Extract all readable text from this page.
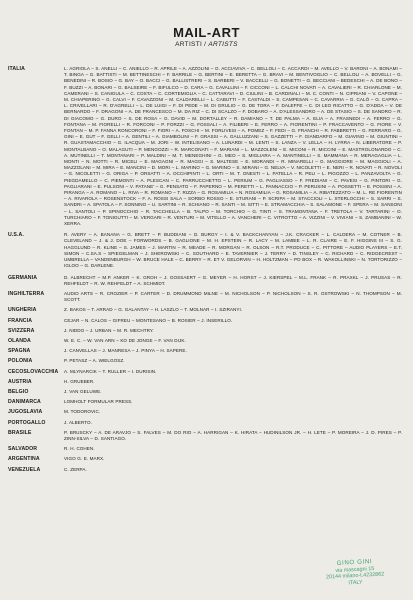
MAIL-ART
ARTISTI / ARTISTS
ITALIA	L. AGRIOLA – S. ANELLI – C. ANIELLO – R. APRILE – A. AZZOLINI – G. ACCIAVIVA – C. BELLOLI – C. ACCARDI – M. AVELLO – V. BARONI – A. BONAMI – T. BINGA – G. BATTISTI – M. BETTINESCHI – F. BARRILE – G. BERTINI – E. BERETTA – G. BRAVI – M. BENTIVOGLIO – C. BELLOLI – A. BOVELLI – G. BENEDINI – R. BOSIO – G. BAY – O. BACCI – G. BALLISTRERI – S. BARBERI – V. BACCELLI – G. BONETTI – G. BECCIANI – BEDESCHI – A. DE BONO – F. BUZZI – A. BONARI – G. BALSEIRE – F. BIFULCO – D. CARA – G. CAVALLINI – F. CICCONI – L. CALCHI NOVATI – A. CAVALIERI – R. CHIARLONE – M. CAMERANI – S. CANIGULA – C. COSTA – C. CORTEMIGLIA – C. CATTARAVI – D. CIULINI – B. CARDINALI – M. C. CONTI – N. CIPRIANI – V. CAPONE – M. CHIAPERINO – G. CALVI – F. CAVAZZONI – M. CALDARELLI – L. CABUTTI – F. CASTALDI – S. CAMPESAN – C. CAVARRIA – G. CALÒ – G. CAPRA – L. CRIVELLARI – R. D'AGRELLI – L. DE LUIGI – F. DI PEDE – M. DI GRULIO – G. DE TORA – F. DALEFFE – C. DI LEO RICATTO – G. D'ADDA – V. DE BERNARDO – F. DRAGONI – A. DE FRANCESCO – M. DA RIZ – C. DI SCALZO – F. DOBARO – A. D'ALESSANDRO – A. DE STASIO – S. DE SANDRO – R. DI GIACOMO – G. DURO – S. DE ROSA – G. DAVID – M. DORTALLEY – R. DAMIANO – T. DE PALMA – A. ELIA – A. FRASNEDI – A. FERRO – G. FONTANA – M. FIORELLI – R. FORCONI – P. FORZZI – G. FOSSALI – A. FILIBERI – E. FERRO – A. FIORENTINI – P. FRACCAVENTO – G. FIORE – V. FONTAN – M. P. FANNA RONCORONI – F. FIORI – A. FOSCHI – M. FORLIVESI – A. POMEZ – F. FEDI – G. FRANCHI – R. FABBRETTI – G. FERRARO – G. GINI – E. GUT – F. GELLI – A. GENTILI – A. GIAMBOLINI – F. GRASSI – A. GALLUZZANI – S. GAZZETTI – F. GIANDARFO – M. GIAVINO – M. GIUNTINI – R. GUASTAMACCHIO – G. ILACQUA – M. JORI – W. INTELISANO – A. LUNARDI – M. LENTI – S. LANZA – V. LELLA – H. LYRRA – N. LIBERATORE – P. MONTALBANO – O. MALAGUTI – P. MENGOZZI – R. MARCONATI – F. MARIANI – L. MAZZOLENI – E. MICONI – R. MICCINI – E. MASTROLONARDO – C. A. MUTINELLI – T. MONTANARI – P. MALDINI – M. T. MENEGHINI – G. MEO – S. MIGLIARA – A. MANTINELLI – S. MAMMANA – R. MERAGAGLIA – L. MONTI – N. MOTTI – R. MICELI – E. MAGAGNI – R. MAGGI – S. MALTESE – E. MORANDI – R. MINARELLI – G. MAGGIORE – M. MAGGIOLI – A. MAZZOLANI – M. MIRA – E. MANCINI – D. MORI – L. MARINO – G. MARINO – S. MIRANI – G. NELVA – V. NICOLETTI – E. NERI – R. NOVATI – R. NOVOLI – G. NICOLETTI – G. ORIGA – P. ORSATTI – A. OCCHIPINTI – L. ORTI – M. T. ONESTI – L. PATELLA – R. PELI – L. PIGOZZO – L. PANZAVOLTA – G. PIEGDAMELLO – C. PIEMONTI – A. PLESCAN – C. PARRUCCHETTO – L. PERIUM – G. PAGLIASSO – F. FREDIANI – C. PAVESI – G. PINTORI – G. PAGLIARANI – E. PULSONI – V. PATANE' – G. PENSATO – F. PAPERNO – M. PERETTI – L. PANNACCIO – P. PERUSINI – A. POSSETTI – E. POSSINI – A. PIRANGA – A. ROMANO – L. RIVA – R. ROMANO – T. RIZZA – G. ROSAMILIA – N. ROSAMILIA – G. ROSAMILIA – A. RIBATEZZATO – M. L. RE FIORENTIN – A. RIVAROLA – ROSENSTOCK – F. A. ROSSI SALA – SORBO ROSSO – E. STURANI – P. SCRIPA – M. STACCIOLI – L. STERLOCCHI – S. SARRI – S. SANDRI – A. SPATOLA – F. SONNINO – U. SARTINI – R. SCHIANO – R. SANTI – M. SITTI – E. STRAMACCHIA – S. SALAMONE – F. SPERA – M. SANSONI – L. SANTOLI – P. SPINOCCHIO – R. TACCHELLA – B. TALPO – M. TORCHIO – G. TINTI – S. TRAMONTANA – F. TRETOLA – V. TARTARINI – O. TURCHIARO – F. TONIGUTTI – M. VERGARI – R. VENTURI – M. VITELLO – A. VANCHERI – C. VITROTTO – A. VIZZINI – V. VIVIANI – S. ZAMBANINI – W. XERRA.
U.S.A.	R. AVERY – A. BANANA – G. BRETT – P. BUDDIANI – D. BURGY – I. & V. BACKCHANYAN – J.K. CRACKER – L. CALDERA – M. COTNER – B. CLEVELAND – J. & J. DOE – FORWORDS – B. GAGLIONE – M. H. EPSTEIN – R. LACY – M. LAMBIE – L. R. CLAIRE – E. F. HIGGINS III – S. G. HAGGLUND – R. KLINE – S. JAMES – J. MARTIN – R. MEADE – R. MORGAN – R. OLSON – R.T. PRODUCE – C. PITTORE – AUDIO PLAYERS – E.T. SIMON – C.SA.S – SPIEGELMAN – J. SHEROWSKI – C. SOUTHARD – E. TAVERNIER – J. TERRY – D. TINSLEY – C. RICHARD – C. RIDGECREST – UMBRELLA – VANDENBURGH – W. BRUCE HALE – C. BERRY – R. ET V. GELORVIN – H. HOLTZMAN – PO BOX – R. WAKOLLINSKI – N. TORTORIZZO – IGLOO – G. DARLENE.
GERMANIA	D. ALBRECHT – M.P. ANKER – K. GROH – J. GOSSAERT – G. MEYER – H. HORST – J. KIERSPEL – M.L. FRANK – R. PRAXKL – J. PRUSAS – R. REHFELDT – R. W. REHFELDT – A. SCHMIDT.
INGHILTERRA	AUDIO ARTS – R. CROZIER – P. CARTER – D. DRUMMOND MILNE – M. NICHOLSON – P. NICHOLSON – S. R. OSTROWSKI – N. THOMPSON – M. SCOTT.
UNGHERIA	Z. BAKOS – T. ARRAD – G. GALANTAY – H. LASZLO – T. MOLNAR – I. SZIRANYI.
FRANCIA	CEJAR – N. CALOS – GIFREU – MONTESANO – B. ROSIER – J. INSERILLO.
SVIZZERA	J. NIDDO – J. URBAN – M. R. MECHTRY.
OLANDA	W. E. C. – W. VAN ARN – KO DE JONGE – F. VAN DIJK.
SPAGNA	J. CANVELLAS – J. MANRESA – J. PINYA – H. SAPERE.
POLONIA	P. PETASZ – A. WIELGOSZ.
CECOSLOVACCHIA	A. MLYNARCIK – T. RULLER – I. DURISIN.
AUSTRIA	H. GRUEBER.
BELGIO	J. VAN GELUWE.
DANIMARCA	LOMHOLT FORMULAR PRESS.
JUGOSLAVIA	M. TODOROVIC.
PORTOGALLO	J. ALBERTO.
BRASILE	P. BRUSCKY – A. DE ARAVJO – S. FALVES – M. DO RIO – A. HARRIGAN – K. HIRATA – HUDINILSON JR. – H. LETE – P. MOREIRA – J. D. PIRES – P. ZINN-SILVA – D. SANTIAGO.
SALVADOR	R. H. COHEN.
ARGENTINA	VIGO G. E. MARX.
VENEZUELA	C. ZERPA.
GINO GINI
via mascagni 15
20144 milano-t.4232862
ITALY
